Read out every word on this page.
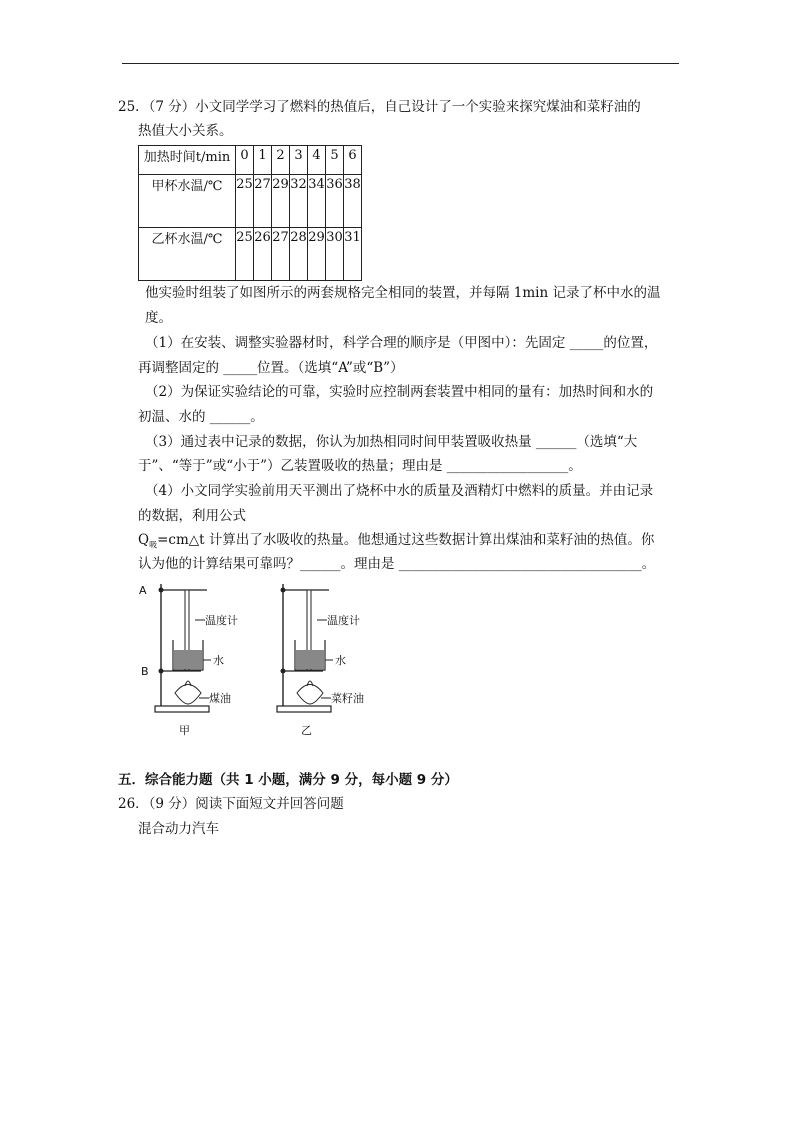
25．（7 分）小文同学学习了燃料的热值后，自己设计了一个实验来探究煤油和菜籽油的
热值大小关系。
加热时间t/min	0	1	2	3	4	5	6
甲杯水温/℃	25	27	29	32	34	36	38
乙杯水温/℃	25	26	27	28	29	30	31
他实验时组装了如图所示的两套规格完全相同的装置，并每隔 1min 记录了杯中水的温
度。
（1）在安装、调整实验器材时，科学合理的顺序是（甲图中）：先固定 _____的位置，
再调整固定的 _____位置。（选填“A”或“B”）
（2）为保证实验结论的可靠，实验时应控制两套装置中相同的量有：加热时间和水的
初温、水的 ______。
（3）通过表中记录的数据，你认为加热相同时间甲装置吸收热量 ______（选填“大
于”、“等于”或“小于”）乙装置吸收的热量；理由是 __________________。
（4）小文同学实验前用天平测出了烧杯中水的质量及酒精灯中燃料的质量。并由记录
的数据，利用公式
$Q_吸=cm\triangle t$ 计算出了水吸收的热量。他想通过这些数据计算出煤油和菜籽油的热值。你
认为他的计算结果可靠吗？______。理由是 ____________________________________。
A
B
温度计
水
煤油
甲
温度计
水
菜籽油
乙
五．综合能力题（共 1 小题，满分 9 分，每小题 9 分）
26．（9 分）阅读下面短文并回答问题
混合动力汽车
